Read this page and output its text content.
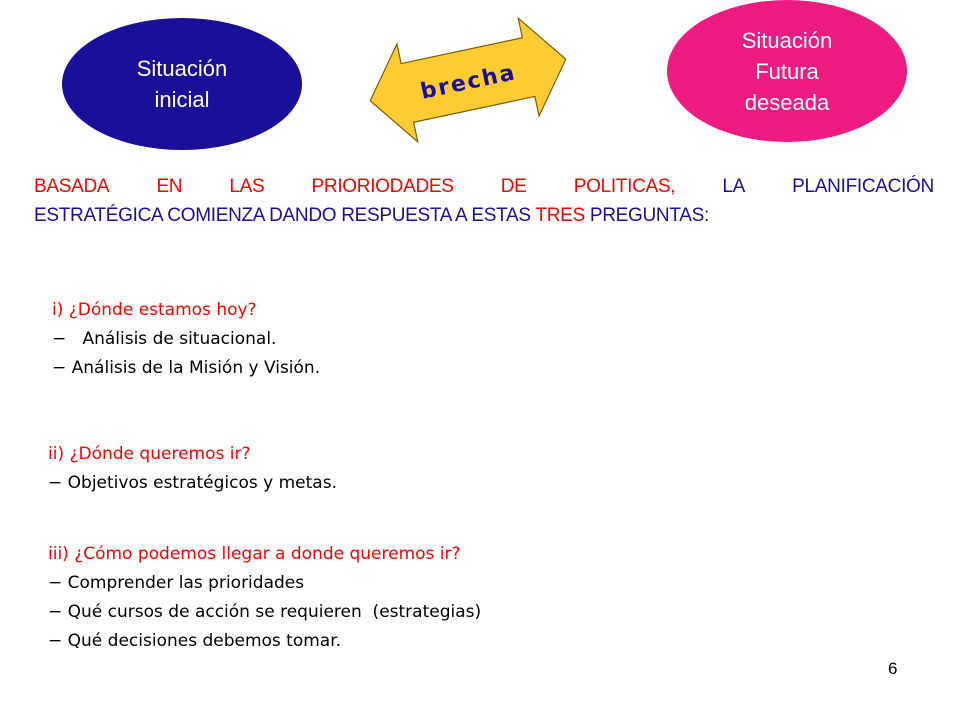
Situación
inicial	brecha
Situación
Futura
deseada
BASADA EN LAS PRIORIODADES DE POLITICAS, LA PLANIFICACIÓN
ESTRATÉGICA COMIENZA DANDO RESPUESTA A ESTAS TRES PREGUNTAS:
i) ¿Dónde estamos hoy?
−   Análisis de situacional.
− Análisis de la Misión y Visión.
ii) ¿Dónde queremos ir?
− Objetivos estratégicos y metas.
iii) ¿Cómo podemos llegar a donde queremos ir?
− Comprender las prioridades
− Qué cursos de acción se requieren  (estrategias)
− Qué decisiones debemos tomar.
6
